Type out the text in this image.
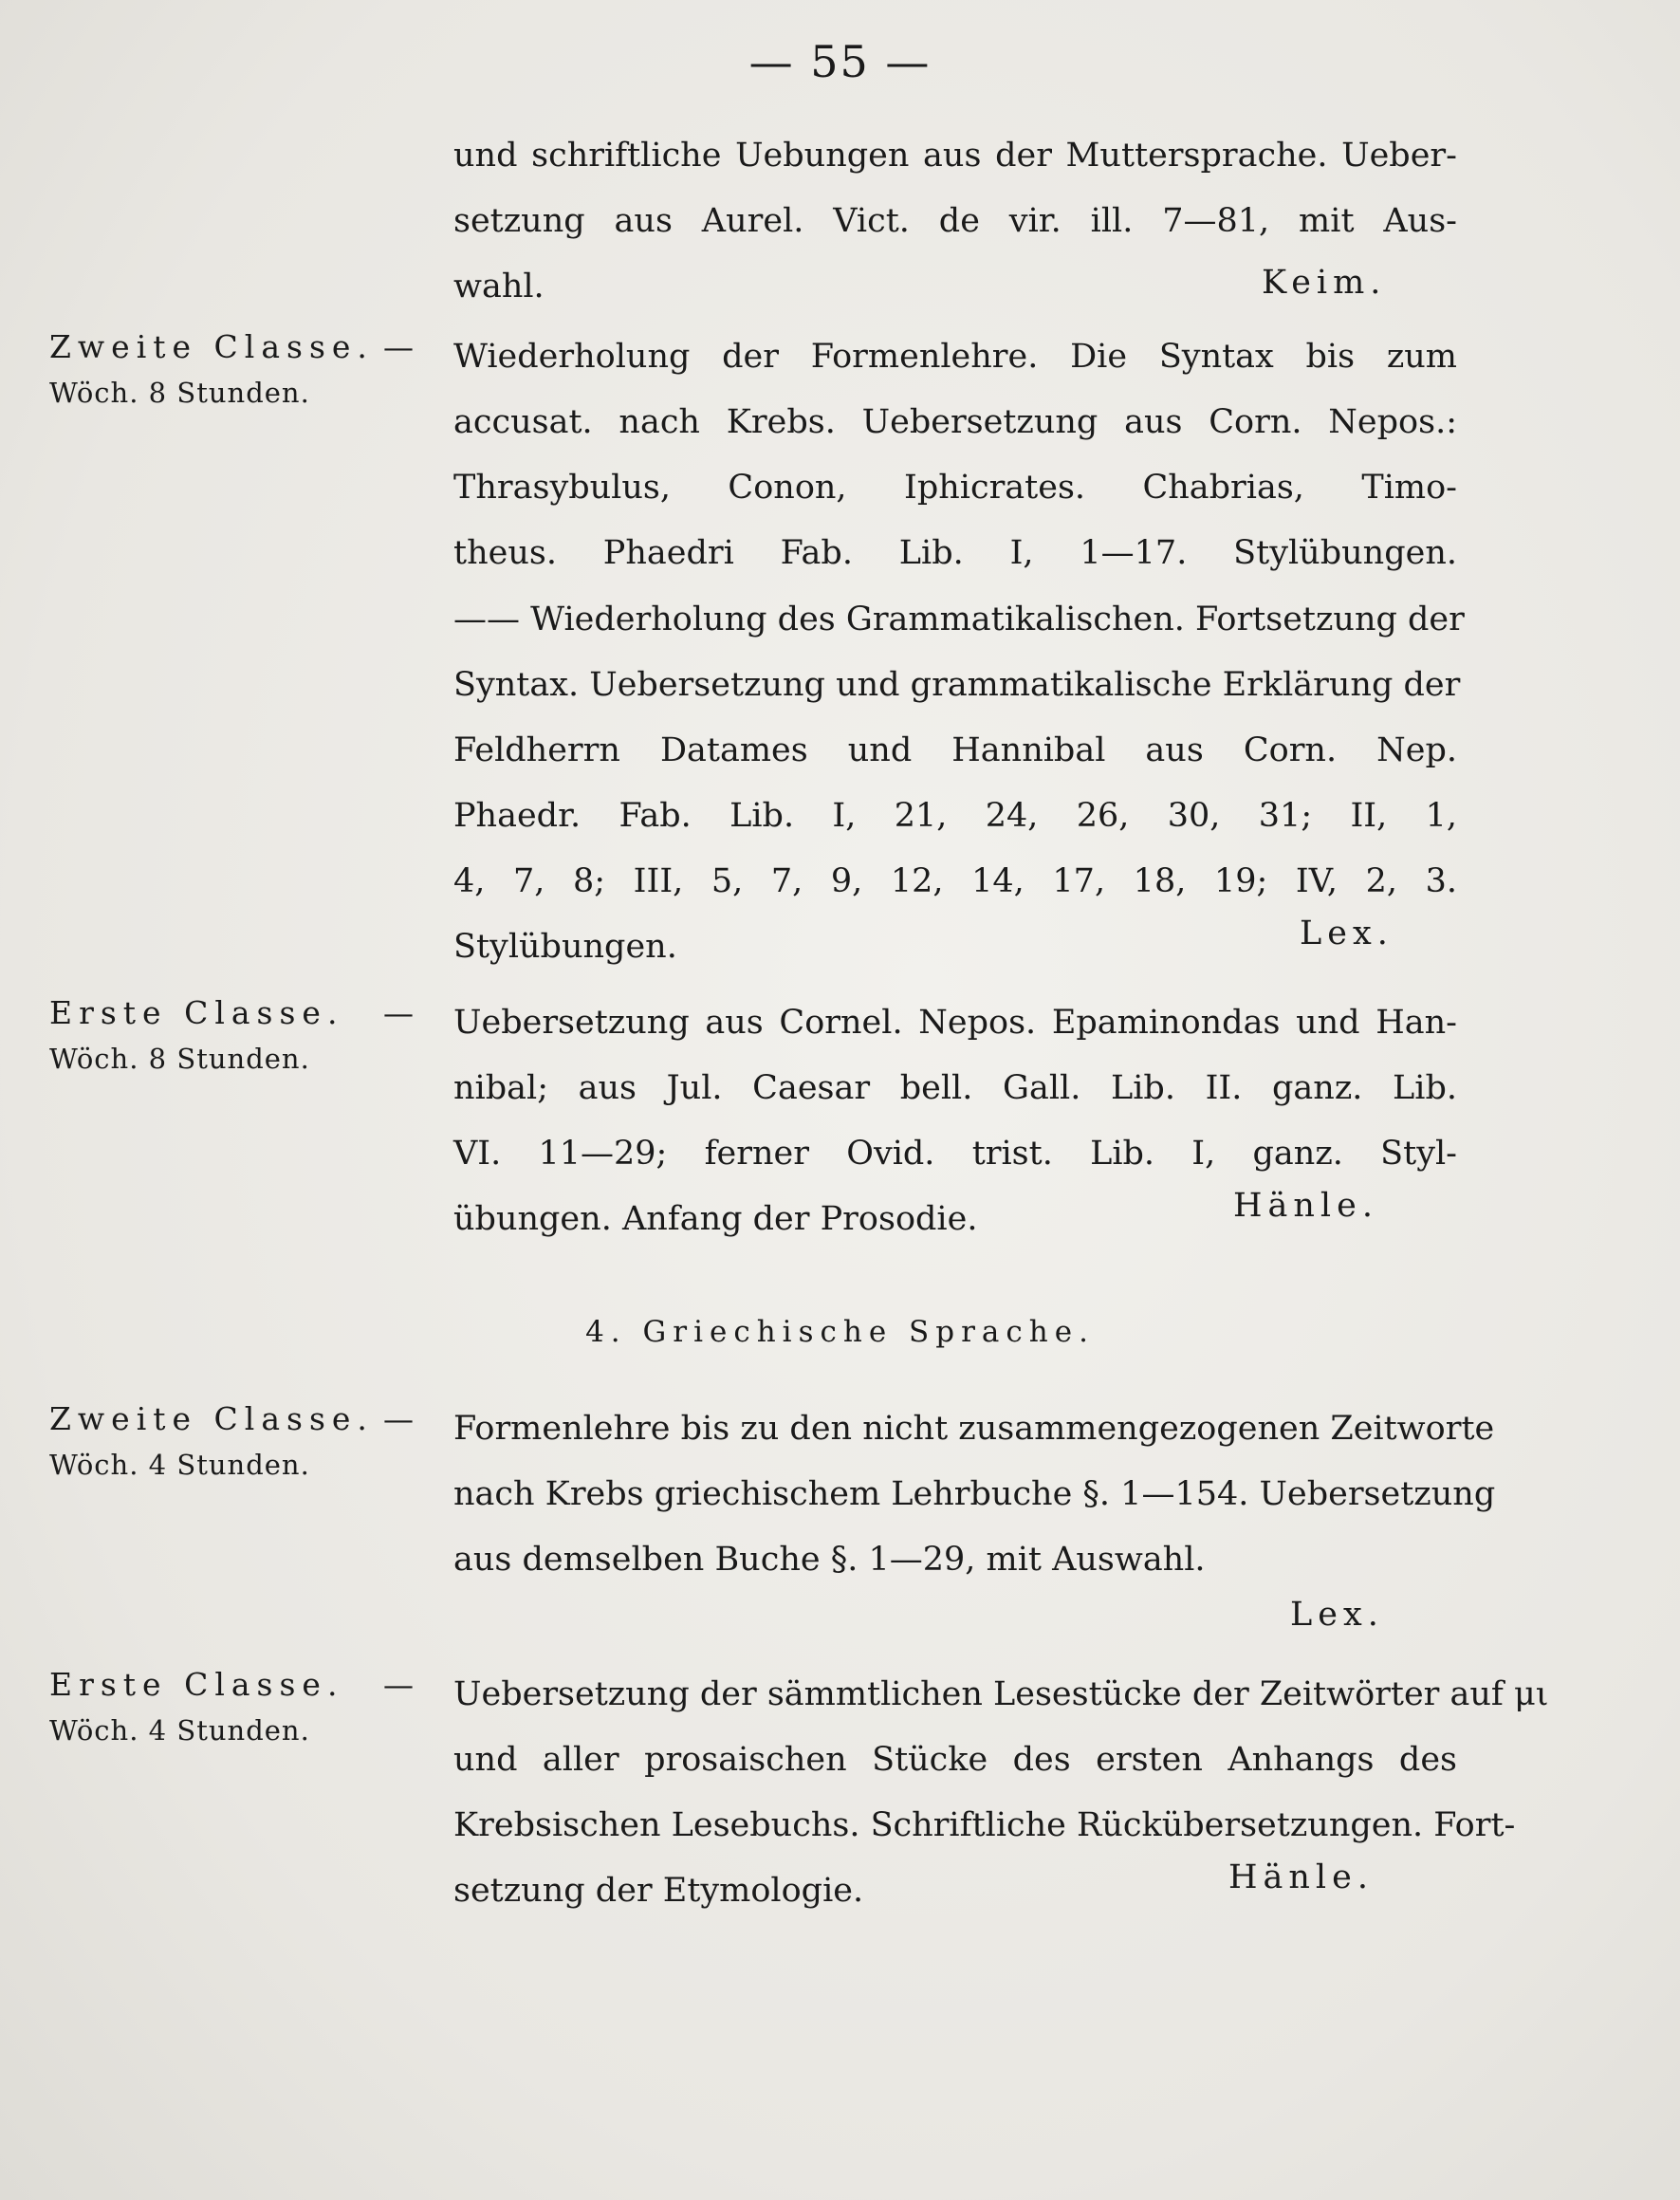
— 55 —
und schriftliche Uebungen aus der Muttersprache. Ueber-
setzung aus Aurel. Vict. de vir. ill. 7—81, mit Aus-
wahl.	Keim.
Zweite Classe. —
Wöch. 8 Stunden.
Wiederholung der Formenlehre. Die Syntax bis zum
accusat. nach Krebs. Uebersetzung aus Corn. Nepos.:
Thrasybulus, Conon, Iphicrates. Chabrias, Timo-
theus. Phaedri Fab. Lib. I, 1—17. Stylübungen.
—— Wiederholung des Grammatikalischen. Fortsetzung der
Syntax. Uebersetzung und grammatikalische Erklärung der
Feldherrn Datames und Hannibal aus Corn. Nep.
Phaedr. Fab. Lib. I, 21, 24, 26, 30, 31; II, 1,
4, 7, 8; III, 5, 7, 9, 12, 14, 17, 18, 19; IV, 2, 3.
Stylübungen.	Lex.
Erste Classe. —
Wöch. 8 Stunden.
Uebersetzung aus Cornel. Nepos. Epaminondas und Han-
nibal; aus Jul. Caesar bell. Gall. Lib. II. ganz. Lib.
VI. 11—29; ferner Ovid. trist. Lib. I, ganz. Styl-
übungen. Anfang der Prosodie.	Hänle.
4. Griechische Sprache.
Zweite Classe. —
Wöch. 4 Stunden.
Formenlehre bis zu den nicht zusammengezogenen Zeitworte
nach Krebs griechischem Lehrbuche §. 1—154. Uebersetzung
aus demselben Buche §. 1—29, mit Auswahl.
Lex.
Erste Classe. —
Wöch. 4 Stunden.
Uebersetzung der sämmtlichen Lesestücke der Zeitwörter auf μι
und aller prosaischen Stücke des ersten Anhangs des
Krebsischen Lesebuchs. Schriftliche Rückübersetzungen. Fort-
setzung der Etymologie.	Hänle.
